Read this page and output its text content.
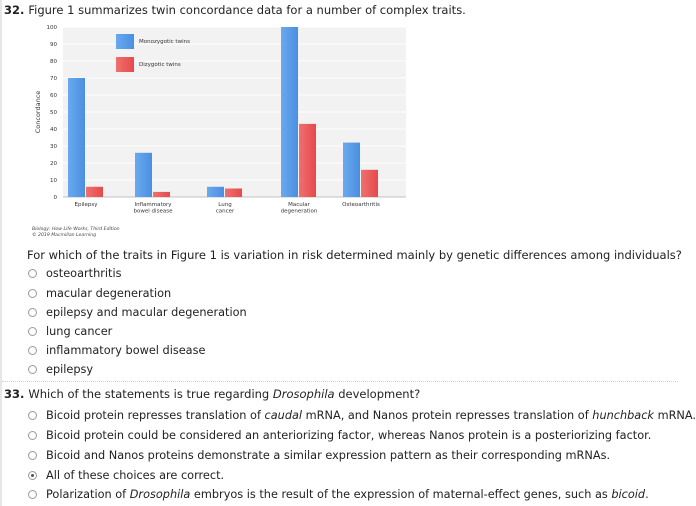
32. Figure 1 summarizes twin concordance data for a number of complex traits.
0
10
20
30
40
50
60
70
80
90
100
Concordance
Epilepsy	Inflammatory
bowel disease
Lung
cancer
Macular
degeneration
Osteoarthritis
Monozygotic twins
Dizygotic twins
Biology: How Life Works, Third Edition
© 2019 Macmillan Learning
For which of the traits in Figure 1 is variation in risk determined mainly by genetic differences among individuals?
osteoarthritis
macular degeneration
epilepsy and macular degeneration
lung cancer
inflammatory bowel disease
epilepsy
33. Which of the statements is true regarding Drosophila development?
Bicoid protein represses translation of caudal mRNA, and Nanos protein represses translation of hunchback mRNA.
Bicoid protein could be considered an anteriorizing factor, whereas Nanos protein is a posteriorizing factor.
Bicoid and Nanos proteins demonstrate a similar expression pattern as their corresponding mRNAs.
All of these choices are correct.
Polarization of Drosophila embryos is the result of the expression of maternal-effect genes, such as bicoid.
